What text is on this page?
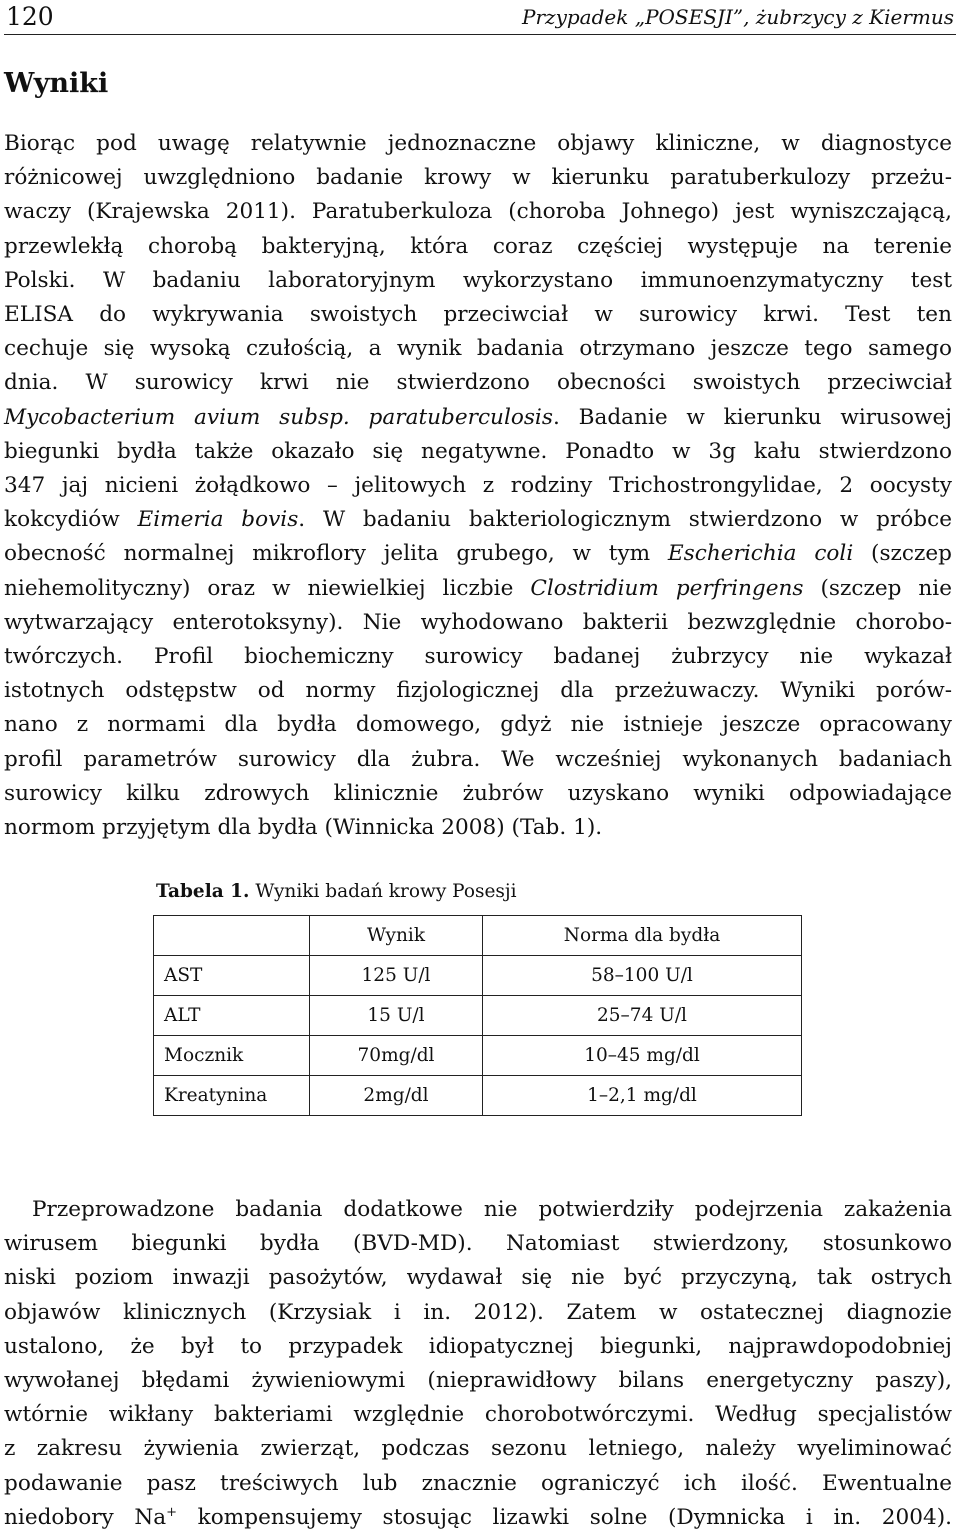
120	Przypadek „POSESJI”, żubrzycy z Kiermus
Wyniki
Biorąc pod uwagę relatywnie jednoznaczne objawy kliniczne, w diagnostyce
różnicowej uwzględniono badanie krowy w kierunku paratuberkulozy przeżu-
waczy (Krajewska 2011). Paratuberkuloza (choroba Johnego) jest wyniszczającą,
przewlekłą chorobą bakteryjną, która coraz częściej występuje na terenie
Polski. W badaniu laboratoryjnym wykorzystano immunoenzymatyczny test
ELISA do wykrywania swoistych przeciwciał w surowicy krwi. Test ten
cechuje się wysoką czułością, a wynik badania otrzymano jeszcze tego samego
dnia. W surowicy krwi nie stwierdzono obecności swoistych przeciwciał
Mycobacterium avium subsp. paratuberculosis. Badanie w kierunku wirusowej
biegunki bydła także okazało się negatywne. Ponadto w 3g kału stwierdzono
347 jaj nicieni żołądkowo – jelitowych z rodziny Trichostrongylidae, 2 oocysty
kokcydiów Eimeria bovis. W badaniu bakteriologicznym stwierdzono w próbce
obecność normalnej mikroflory jelita grubego, w tym Escherichia coli (szczep
niehemolityczny) oraz w niewielkiej liczbie Clostridium perfringens (szczep nie
wytwarzający enterotoksyny). Nie wyhodowano bakterii bezwzględnie chorobo-
twórczych. Profil biochemiczny surowicy badanej żubrzycy nie wykazał
istotnych odstępstw od normy fizjologicznej dla przeżuwaczy. Wyniki porów-
nano z normami dla bydła domowego, gdyż nie istnieje jeszcze opracowany
profil parametrów surowicy dla żubra. We wcześniej wykonanych badaniach
surowicy kilku zdrowych klinicznie żubrów uzyskano wyniki odpowiadające
normom przyjętym dla bydła (Winnicka 2008) (Tab. 1).
Tabela 1. Wyniki badań krowy Posesji
	Wynik	Norma dla bydła
AST	125 U/l	58–100 U/l
ALT	15 U/l	25–74 U/l
Mocznik	70mg/dl	10–45 mg/dl
Kreatynina	2mg/dl	1–2,1 mg/dl
Przeprowadzone badania dodatkowe nie potwierdziły podejrzenia zakażenia
wirusem biegunki bydła (BVD-MD). Natomiast stwierdzony, stosunkowo
niski poziom inwazji pasożytów, wydawał się nie być przyczyną, tak ostrych
objawów klinicznych (Krzysiak i in. 2012). Zatem w ostatecznej diagnozie
ustalono, że był to przypadek idiopatycznej biegunki, najprawdopodobniej
wywołanej błędami żywieniowymi (nieprawidłowy bilans energetyczny paszy),
wtórnie wikłany bakteriami względnie chorobotwórczymi. Według specjalistów
z zakresu żywienia zwierząt, podczas sezonu letniego, należy wyeliminować
podawanie pasz treściwych lub znacznie ograniczyć ich ilość. Ewentualne
niedobory Na+ kompensujemy stosując lizawki solne (Dymnicka i in. 2004).
